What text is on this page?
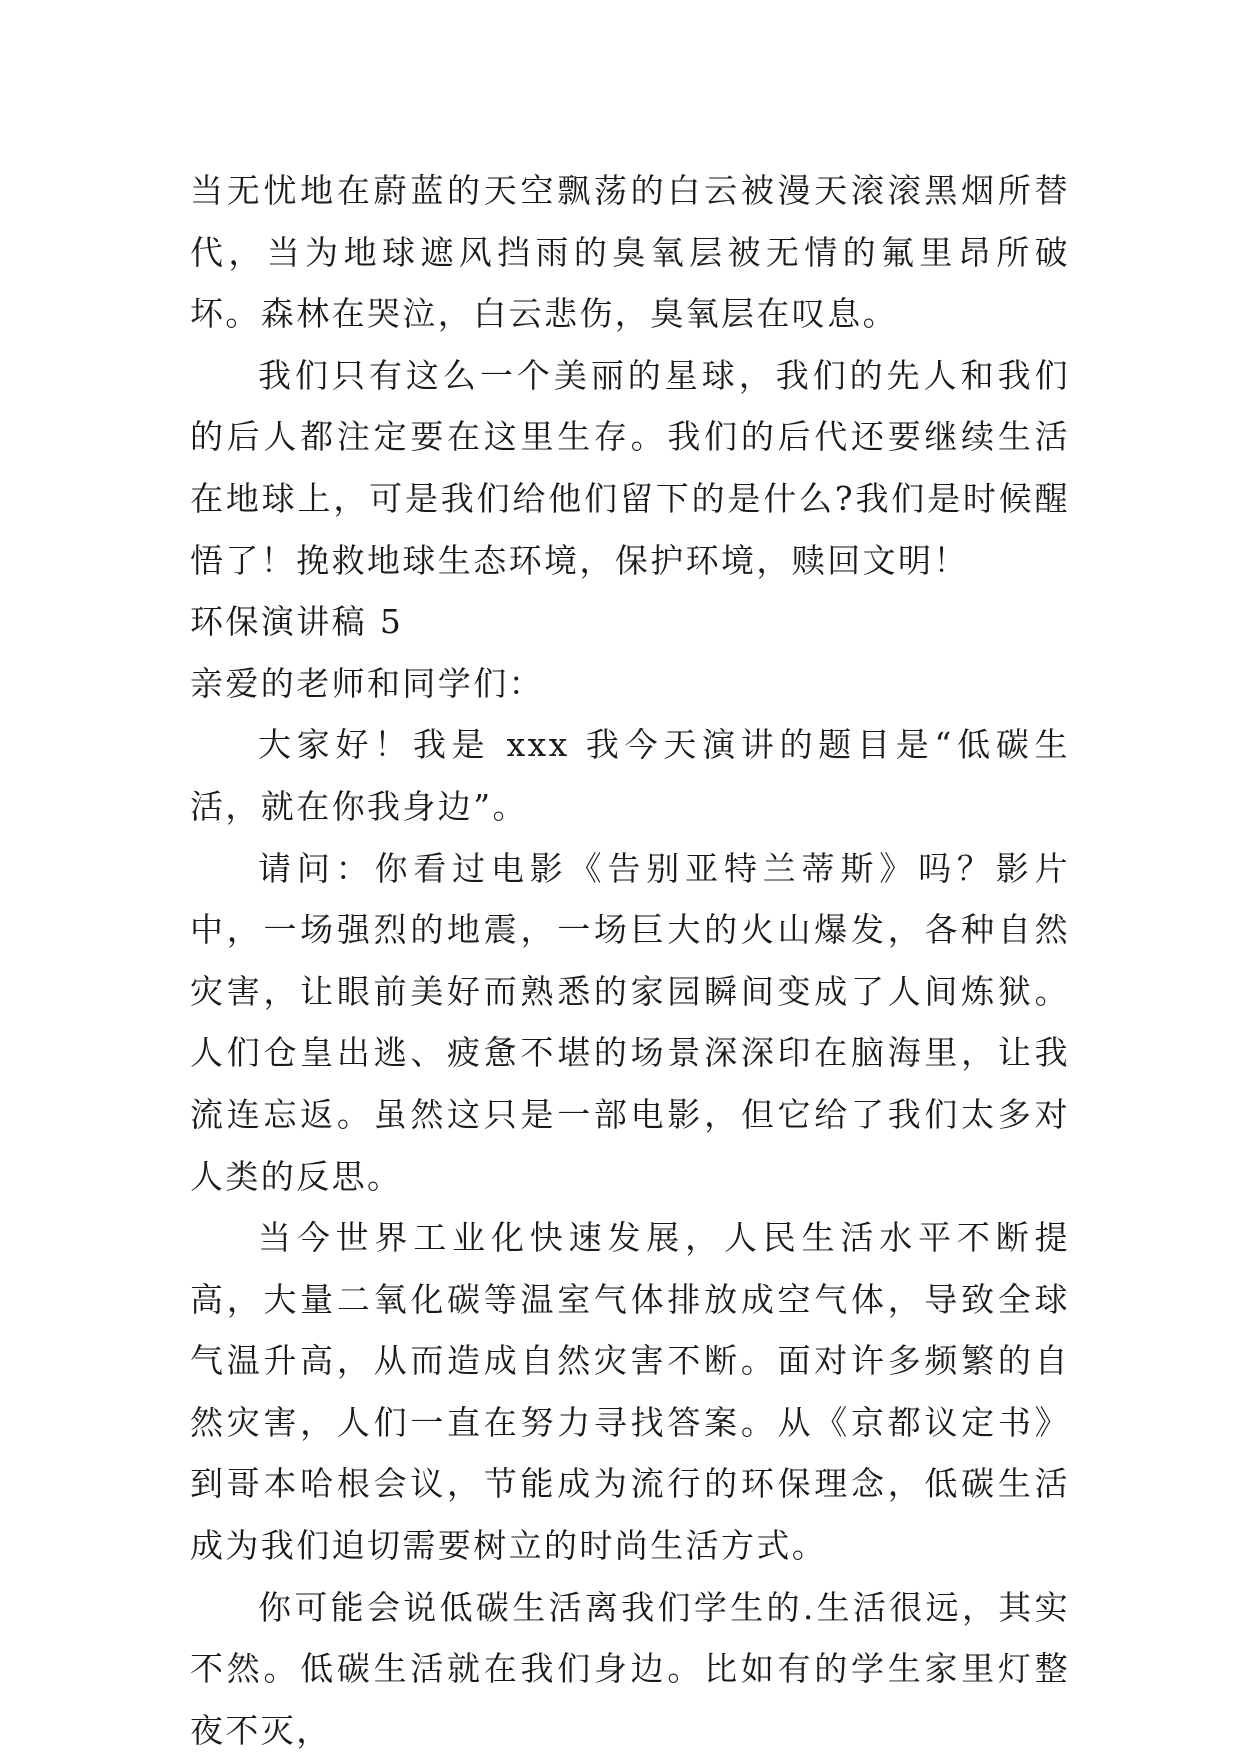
当无忧地在蔚蓝的天空飘荡的白云被漫天滚滚黑烟所替代，当为地球遮风挡雨的臭氧层被无情的氟里昂所破坏。森林在哭泣，白云悲伤，臭氧层在叹息。

我们只有这么一个美丽的星球，我们的先人和我们的后人都注定要在这里生存。我们的后代还要继续生活在地球上，可是我们给他们留下的是什么?我们是时候醒悟了！挽救地球生态环境，保护环境，赎回文明！

环保演讲稿 5

亲爱的老师和同学们：

大家好！我是 xxx 我今天演讲的题目是“低碳生活，就在你我身边”。

请问：你看过电影《告别亚特兰蒂斯》吗？影片中，一场强烈的地震，一场巨大的火山爆发，各种自然灾害，让眼前美好而熟悉的家园瞬间变成了人间炼狱。人们仓皇出逃、疲惫不堪的场景深深印在脑海里，让我流连忘返。虽然这只是一部电影，但它给了我们太多对人类的反思。

当今世界工业化快速发展，人民生活水平不断提高，大量二氧化碳等温室气体排放成空气体，导致全球气温升高，从而造成自然灾害不断。面对许多频繁的自然灾害，人们一直在努力寻找答案。从《京都议定书》到哥本哈根会议，节能成为流行的环保理念，低碳生活成为我们迫切需要树立的时尚生活方式。

你可能会说低碳生活离我们学生的.生活很远，其实不然。低碳生活就在我们身边。比如有的学生家里灯整夜不灭，
